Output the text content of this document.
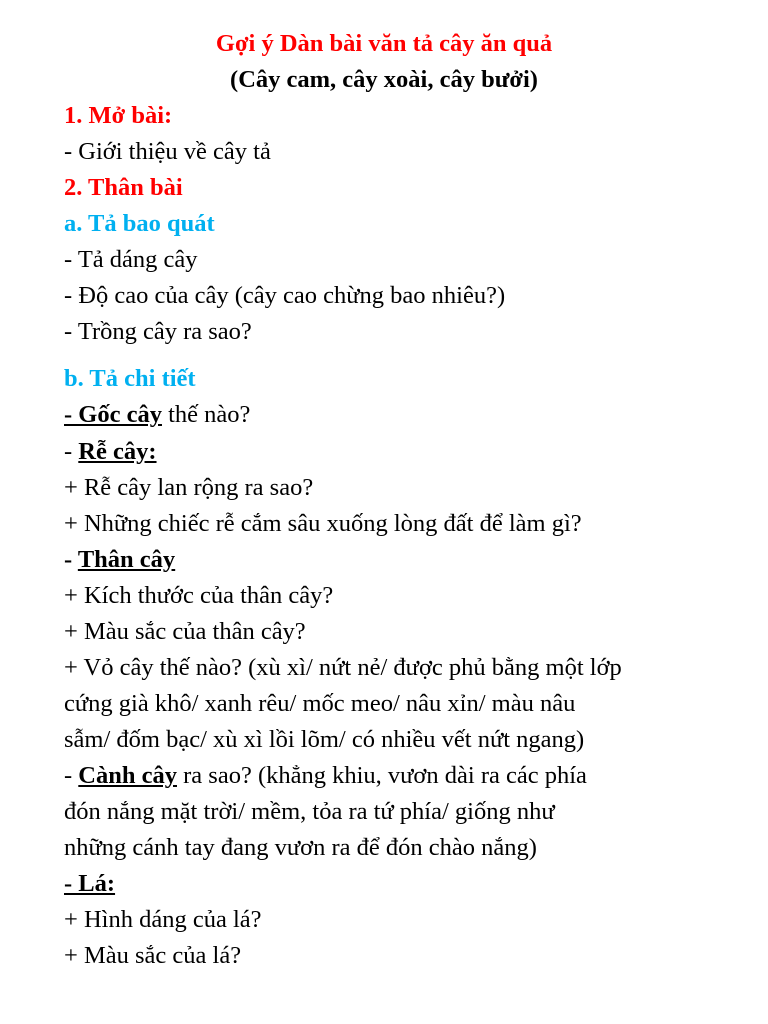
Gợi ý Dàn bài văn tả cây ăn quả
(Cây cam, cây xoài, cây bưởi)
1. Mở bài:
- Giới thiệu về cây tả
2. Thân bài
a. Tả bao quát
- Tả dáng cây
- Độ cao của cây (cây cao chừng bao nhiêu?)
- Trồng cây ra sao?
b. Tả chi tiết
- Gốc cây thế nào?
- Rễ cây:
+ Rễ cây lan rộng ra sao?
+ Những chiếc rễ cắm sâu xuống lòng đất để làm gì?
- Thân cây
+ Kích thước của thân cây?
+ Màu sắc của thân cây?
+ Vỏ cây thế nào? (xù xì/ nứt nẻ/ được phủ bằng một lớp
cứng già khô/ xanh rêu/ mốc meo/ nâu xỉn/ màu nâu
sẫm/ đốm bạc/ xù xì lồi lõm/ có nhiều vết nứt ngang)
- Cành cây ra sao? (khẳng khiu, vươn dài ra các phía
đón nắng mặt trời/ mềm, tỏa ra tứ phía/ giống như
những cánh tay đang vươn ra để đón chào nắng)
- Lá:
+ Hình dáng của lá?
+ Màu sắc của lá?
